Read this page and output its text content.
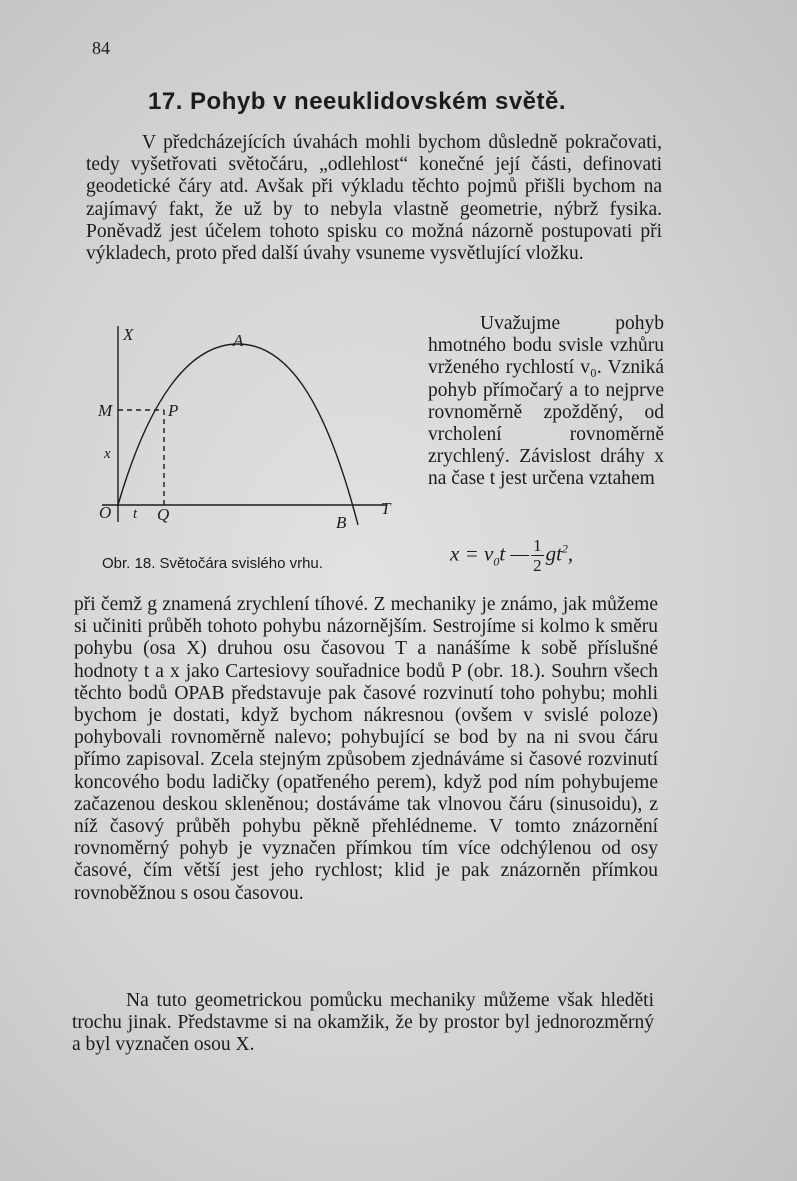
84
17. Pohyb v neeuklidovském světě.

V předcházejících úvahách mohli bychom důsledně pokračovati, tedy vyšetřovati světočáru, „odlehlost“ konečné její části, definovati geodetické čáry atd. Avšak při výkladu těchto pojmů přišli bychom na zajímavý fakt, že už by to nebyla vlastně geometrie, nýbrž fysika. Poněvadž jest účelem tohoto spisku co možná názorně postupovati při výkladech, proto před další úvahy vsuneme vysvětlující vložku.

X	A
M	P
x
O t Q	B
T
Obr. 18. Světočára svislého vrhu.

Uvažujme pohyb hmotného bodu svisle vzhůru vrženého rychlostí v₀. Vzniká pohyb přímočarý a to nejprve rovnoměrně zpožděný, od vrcholení rovnoměrně zrychlený. Závislost dráhy x na čase t jest určena vztahem

$x = v_0t$ — $\frac{1}{2} gt^2$,

při čemž g znamená zrychlení tíhové. Z mechaniky je známo, jak můžeme si učiniti průběh tohoto pohybu názornějším. Sestrojíme si kolmo k směru pohybu (osa X) druhou osu časovou T a nanášíme k sobě příslušné hodnoty t a x jako Cartesiovy souřadnice bodů P (obr. 18.). Souhrn všech těchto bodů OPAB představuje pak časové rozvinutí toho pohybu; mohli bychom je dostati, když bychom nákresnou (ovšem v svislé poloze) pohybovali rovnoměrně nalevo; pohybující se bod by na ni svou čáru přímo zapisoval. Zcela stejným způsobem zjednáváme si časové rozvinutí koncového bodu ladičky (opatřeného perem), když pod ním pohybujeme začazenou deskou skleněnou; dostáváme tak vlnovou čáru (sinusoidu), z níž časový průběh pohybu pěkně přehlédneme. V tomto znázornění rovnoměrný pohyb je vyznačen přímkou tím více odchýlenou od osy časové, čím větší jest jeho rychlost; klid je pak znázorněn přímkou rovnoběžnou s osou časovou.

Na tuto geometrickou pomůcku mechaniky můžeme však hleděti trochu jinak. Představme si na okamžik, že by prostor byl jednorozměrný a byl vyznačen osou X.
